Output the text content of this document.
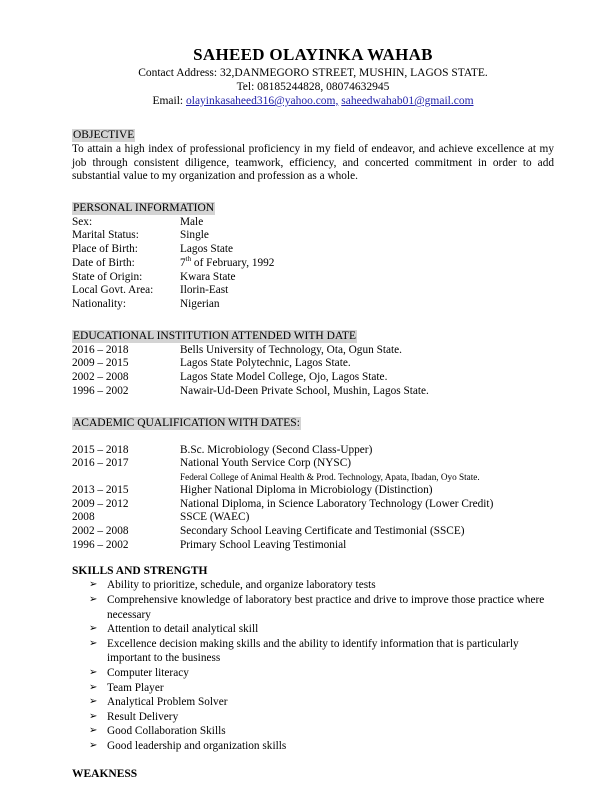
SAHEED OLAYINKA WAHAB
Contact Address: 32,DANMEGORO STREET, MUSHIN, LAGOS STATE.
Tel: 08185244828, 08074632945
Email: olayinkasaheed316@yahoo.com, saheedwahab01@gmail.com
OBJECTIVE
To attain a high index of professional proficiency in my field of endeavor, and achieve excellence at my job through consistent diligence, teamwork, efficiency, and concerted commitment in order to add substantial value to my organization and profession as a whole.
PERSONAL INFORMATION
Sex:	Male
Marital Status:	Single
Place of Birth:	Lagos State
Date of Birth:	7th of February, 1992
State of Origin:	Kwara State
Local Govt. Area:	Ilorin-East
Nationality:	Nigerian
EDUCATIONAL INSTITUTION ATTENDED WITH DATE
2016 – 2018	Bells University of Technology, Ota, Ogun State.
2009 – 2015	Lagos State Polytechnic, Lagos State.
2002 – 2008	Lagos State Model College, Ojo, Lagos State.
1996 – 2002	Nawair-Ud-Deen Private School, Mushin, Lagos State.
ACADEMIC QUALIFICATION WITH DATES:
2015 – 2018	B.Sc. Microbiology (Second Class-Upper)
2016 – 2017	National Youth Service Corp (NYSC)
Federal College of Animal Health & Prod. Technology, Apata, Ibadan, Oyo State.
2013 – 2015	Higher National Diploma in Microbiology (Distinction)
2009 – 2012	National Diploma, in Science Laboratory Technology (Lower Credit)
2008	SSCE (WAEC)
2002 – 2008	Secondary School Leaving Certificate and Testimonial (SSCE)
1996 – 2002	Primary School Leaving Testimonial
SKILLS AND STRENGTH
➢ Ability to prioritize, schedule, and organize laboratory tests
➢ Comprehensive knowledge of laboratory best practice and drive to improve those practice where necessary
➢ Attention to detail analytical skill
➢ Excellence decision making skills and the ability to identify information that is particularly important to the business
➢ Computer literacy
➢ Team Player
➢ Analytical Problem Solver
➢ Result Delivery
➢ Good Collaboration Skills
➢ Good leadership and organization skills
WEAKNESS
